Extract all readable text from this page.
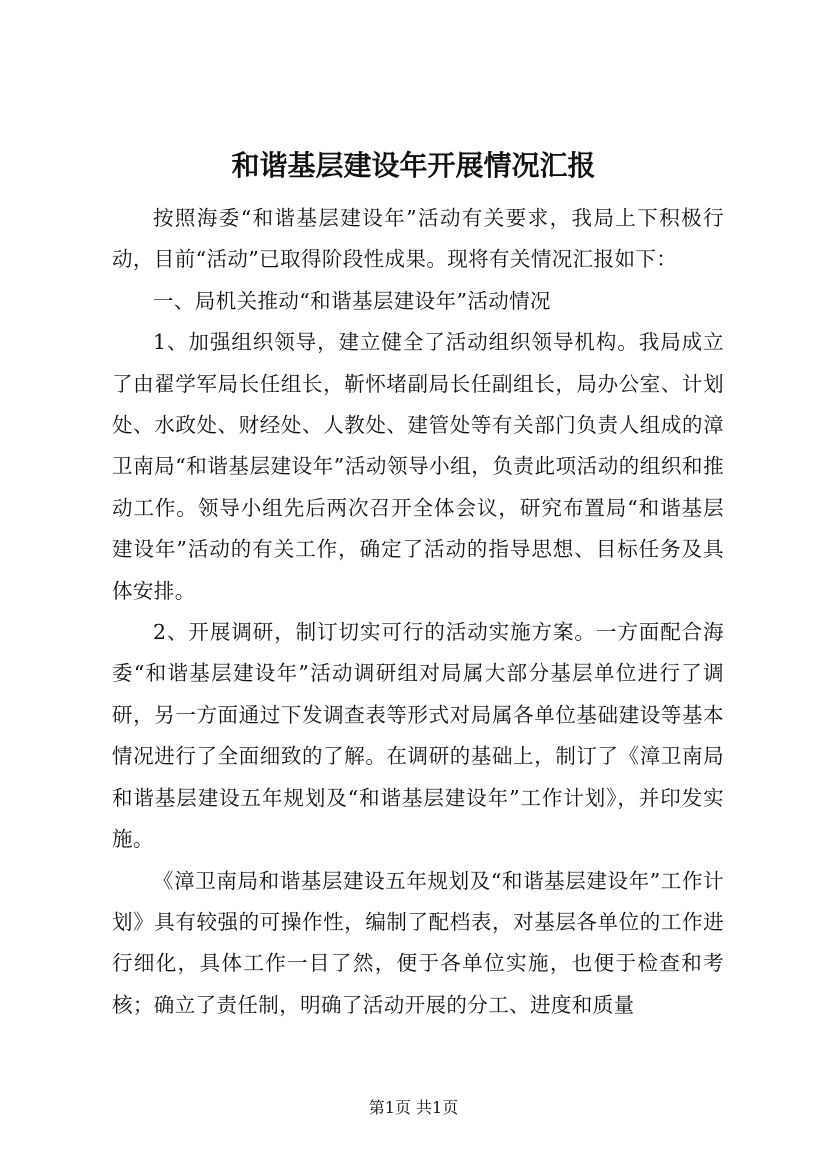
和谐基层建设年开展情况汇报

按照海委“和谐基层建设年”活动有关要求，我局上下积极行动，目前“活动”已取得阶段性成果。现将有关情况汇报如下：

一、局机关推动“和谐基层建设年”活动情况

1、加强组织领导，建立健全了活动组织领导机构。我局成立了由翟学军局长任组长，靳怀堵副局长任副组长，局办公室、计划处、水政处、财经处、人教处、建管处等有关部门负责人组成的漳卫南局“和谐基层建设年”活动领导小组，负责此项活动的组织和推动工作。领导小组先后两次召开全体会议，研究布置局“和谐基层建设年”活动的有关工作，确定了活动的指导思想、目标任务及具体安排。

2、开展调研，制订切实可行的活动实施方案。一方面配合海委“和谐基层建设年”活动调研组对局属大部分基层单位进行了调研，另一方面通过下发调查表等形式对局属各单位基础建设等基本情况进行了全面细致的了解。在调研的基础上，制订了《漳卫南局和谐基层建设五年规划及“和谐基层建设年”工作计划》，并印发实施。

《漳卫南局和谐基层建设五年规划及“和谐基层建设年”工作计划》具有较强的可操作性，编制了配档表，对基层各单位的工作进行细化，具体工作一目了然，便于各单位实施，也便于检查和考核；确立了责任制，明确了活动开展的分工、进度和质量

第1页 共1页
